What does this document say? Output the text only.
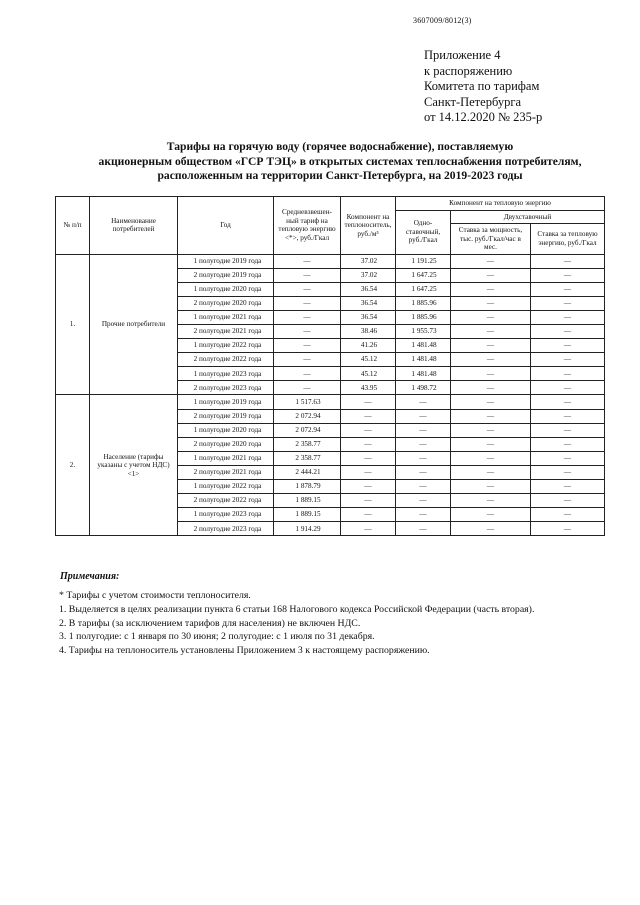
3607009/8012(3)
Приложение 4
к распоряжению
Комитета по тарифам
Санкт-Петербурга
от 14.12.2020 № 235-р
Тарифы на горячую воду (горячее водоснабжение), поставляемую
акционерным обществом «ГСР ТЭЦ» в открытых системах теплоснабжения потребителям,
расположенным на территории Санкт-Петербурга, на 2019-2023 годы
№ п/п	Наименование потребителей	Год	Средневзвешен-ный тариф на тепловую энергию <*>, руб./Гкал	Компонент на теплоноситель, руб./м³	Компонент на тепловую энергию		
					Одно-ставочный, руб./Гкал	Двухставочный	
						Ставка за мощность, тыс. руб./Гкал/час в мес.	Ставка за тепловую энергию, руб./Гкал
1.	Прочие потребители	1 полугодие 2019 года	—	37.02	1 191.25	—	—
		2 полугодие 2019 года	—	37.02	1 647.25	—	—
		1 полугодие 2020 года	—	36.54	1 647.25	—	—
		2 полугодие 2020 года	—	36.54	1 885.96	—	—
		1 полугодие 2021 года	—	36.54	1 885.96	—	—
		2 полугодие 2021 года	—	38.46	1 955.73	—	—
		1 полугодие 2022 года	—	41.26	1 481.48	—	—
		2 полугодие 2022 года	—	45.12	1 481.48	—	—
		1 полугодие 2023 года	—	45.12	1 481.48	—	—
		2 полугодие 2023 года	—	43.95	1 498.72	—	—
2.	Население (тарифы указаны с учетом НДС) <1>	1 полугодие 2019 года	1 517.63	—	—	—	—
		2 полугодие 2019 года	2 072.94	—	—	—	—
		1 полугодие 2020 года	2 072.94	—	—	—	—
		2 полугодие 2020 года	2 358.77	—	—	—	—
		1 полугодие 2021 года	2 358.77	—	—	—	—
		2 полугодие 2021 года	2 444.21	—	—	—	—
		1 полугодие 2022 года	1 878.79	—	—	—	—
		2 полугодие 2022 года	1 889.15	—	—	—	—
		1 полугодие 2023 года	1 889.15	—	—	—	—
		2 полугодие 2023 года	1 914.29	—	—	—	—
Примечания:
* Тарифы с учетом стоимости теплоносителя.
1. Выделяется в целях реализации пункта 6 статьи 168 Налогового кодекса Российской Федерации (часть вторая).
2. В тарифы (за исключением тарифов для населения) не включен НДС.
3. 1 полугодие: с 1 января по 30 июня; 2 полугодие: с 1 июля по 31 декабря.
4. Тарифы на теплоноситель установлены Приложением 3 к настоящему распоряжению.
